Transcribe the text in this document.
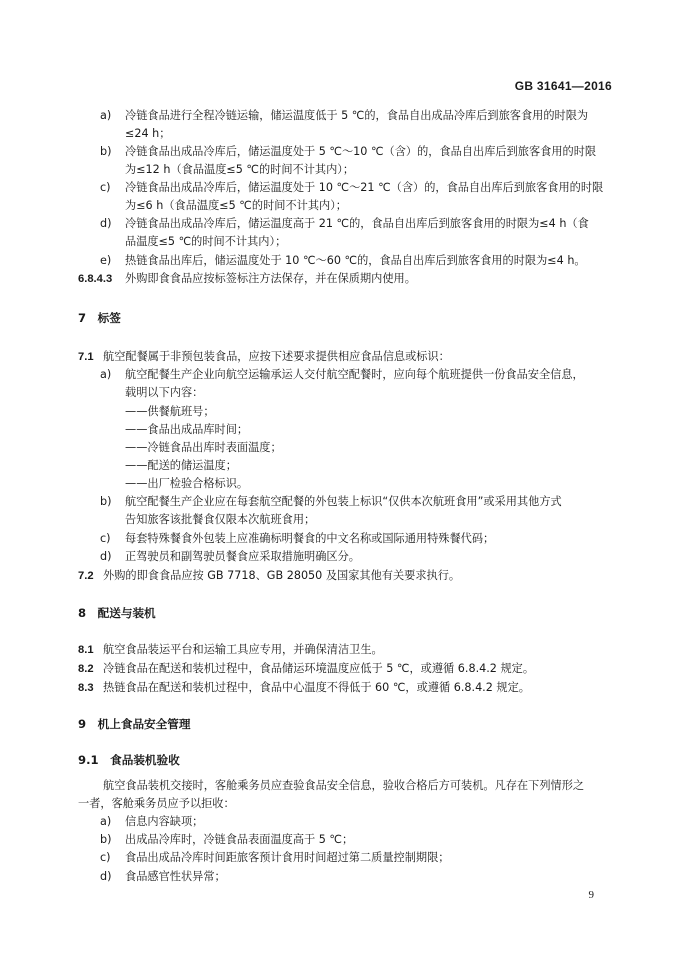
GB 31641—2016
a) 冷链食品进行全程冷链运输，储运温度低于 5 ℃的，食品自出成品冷库后到旅客食用的时限为
≤24 h；
b) 冷链食品出成品冷库后，储运温度处于 5 ℃～10 ℃（含）的，食品自出库后到旅客食用的时限
为≤12 h（食品温度≤5 ℃的时间不计其内）；
c) 冷链食品出成品冷库后，储运温度处于 10 ℃～21 ℃（含）的，食品自出库后到旅客食用的时限
为≤6 h（食品温度≤5 ℃的时间不计其内）；
d) 冷链食品出成品冷库后，储运温度高于 21 ℃的，食品自出库后到旅客食用的时限为≤4 h（食
品温度≤5 ℃的时间不计其内）；
e) 热链食品出库后，储运温度处于 10 ℃～60 ℃的，食品自出库后到旅客食用的时限为≤4 h。
6.8.4.3 外购即食食品应按标签标注方法保存，并在保质期内使用。
7　标签
7.1 航空配餐属于非预包装食品，应按下述要求提供相应食品信息或标识：
a) 航空配餐生产企业向航空运输承运人交付航空配餐时，应向每个航班提供一份食品安全信息，
载明以下内容：
——供餐航班号；
——食品出成品库时间；
——冷链食品出库时表面温度；
——配送的储运温度；
——出厂检验合格标识。
b) 航空配餐生产企业应在每套航空配餐的外包装上标识“仅供本次航班食用”或采用其他方式
告知旅客该批餐食仅限本次航班食用；
c) 每套特殊餐食外包装上应准确标明餐食的中文名称或国际通用特殊餐代码；
d) 正驾驶员和副驾驶员餐食应采取措施明确区分。
7.2 外购的即食食品应按 GB 7718、GB 28050 及国家其他有关要求执行。
8　配送与装机
8.1 航空食品装运平台和运输工具应专用，并确保清洁卫生。
8.2 冷链食品在配送和装机过程中，食品储运环境温度应低于 5 ℃，或遵循 6.8.4.2 规定。
8.3 热链食品在配送和装机过程中，食品中心温度不得低于 60 ℃，或遵循 6.8.4.2 规定。
9　机上食品安全管理
9.1　食品装机验收
航空食品装机交接时，客舱乘务员应查验食品安全信息，验收合格后方可装机。凡存在下列情形之
一者，客舱乘务员应予以拒收：
a) 信息内容缺项；
b) 出成品冷库时，冷链食品表面温度高于 5 ℃；
c) 食品出成品冷库时间距旅客预计食用时间超过第二质量控制期限；
d) 食品感官性状异常；
9
